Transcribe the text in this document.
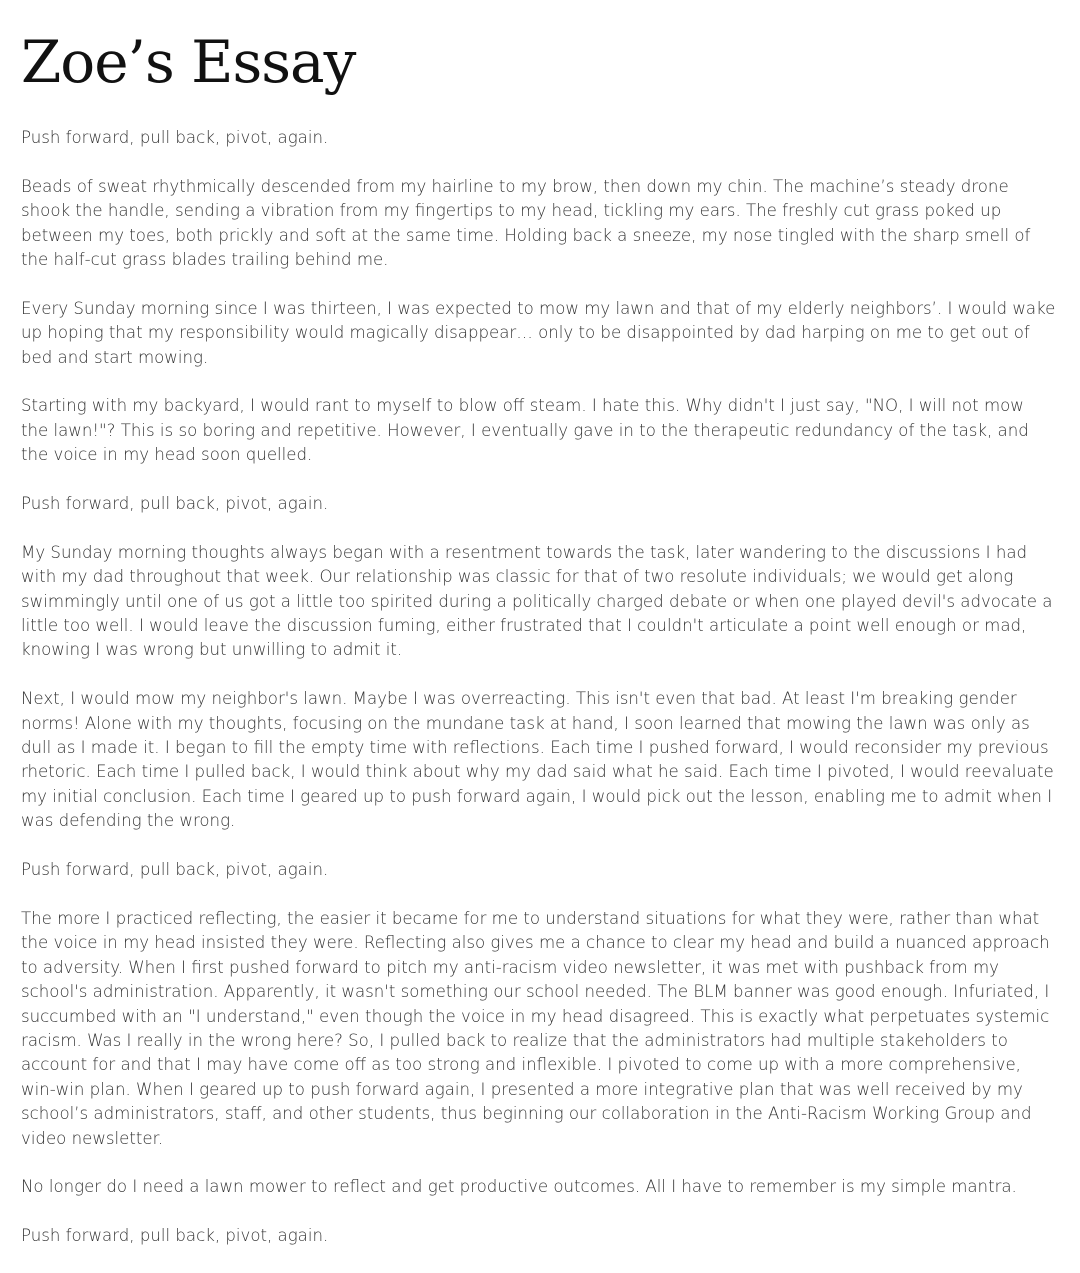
Zoe’s Essay

Push forward, pull back, pivot, again.

Beads of sweat rhythmically descended from my hairline to my brow, then down my chin. The machine’s steady drone shook the handle, sending a vibration from my fingertips to my head, tickling my ears. The freshly cut grass poked up between my toes, both prickly and soft at the same time. Holding back a sneeze, my nose tingled with the sharp smell of the half-cut grass blades trailing behind me.

Every Sunday morning since I was thirteen, I was expected to mow my lawn and that of my elderly neighbors’. I would wake up hoping that my responsibility would magically disappear… only to be disappointed by dad harping on me to get out of bed and start mowing.

Starting with my backyard, I would rant to myself to blow off steam. I hate this. Why didn't I just say, "NO, I will not mow the lawn!"? This is so boring and repetitive. However, I eventually gave in to the therapeutic redundancy of the task, and the voice in my head soon quelled.

Push forward, pull back, pivot, again.

My Sunday morning thoughts always began with a resentment towards the task, later wandering to the discussions I had with my dad throughout that week. Our relationship was classic for that of two resolute individuals; we would get along swimmingly until one of us got a little too spirited during a politically charged debate or when one played devil's advocate a little too well. I would leave the discussion fuming, either frustrated that I couldn't articulate a point well enough or mad, knowing I was wrong but unwilling to admit it.

Next, I would mow my neighbor's lawn. Maybe I was overreacting. This isn't even that bad. At least I'm breaking gender norms! Alone with my thoughts, focusing on the mundane task at hand, I soon learned that mowing the lawn was only as dull as I made it. I began to fill the empty time with reflections. Each time I pushed forward, I would reconsider my previous rhetoric. Each time I pulled back, I would think about why my dad said what he said. Each time I pivoted, I would reevaluate my initial conclusion. Each time I geared up to push forward again, I would pick out the lesson, enabling me to admit when I was defending the wrong.

Push forward, pull back, pivot, again.

The more I practiced reflecting, the easier it became for me to understand situations for what they were, rather than what the voice in my head insisted they were. Reflecting also gives me a chance to clear my head and build a nuanced approach to adversity. When I first pushed forward to pitch my anti-racism video newsletter, it was met with pushback from my school's administration. Apparently, it wasn't something our school needed. The BLM banner was good enough. Infuriated, I succumbed with an "I understand," even though the voice in my head disagreed. This is exactly what perpetuates systemic racism. Was I really in the wrong here? So, I pulled back to realize that the administrators had multiple stakeholders to account for and that I may have come off as too strong and inflexible. I pivoted to come up with a more comprehensive, win-win plan. When I geared up to push forward again, I presented a more integrative plan that was well received by my school’s administrators, staff, and other students, thus beginning our collaboration in the Anti-Racism Working Group and video newsletter.

No longer do I need a lawn mower to reflect and get productive outcomes. All I have to remember is my simple mantra.

Push forward, pull back, pivot, again.
